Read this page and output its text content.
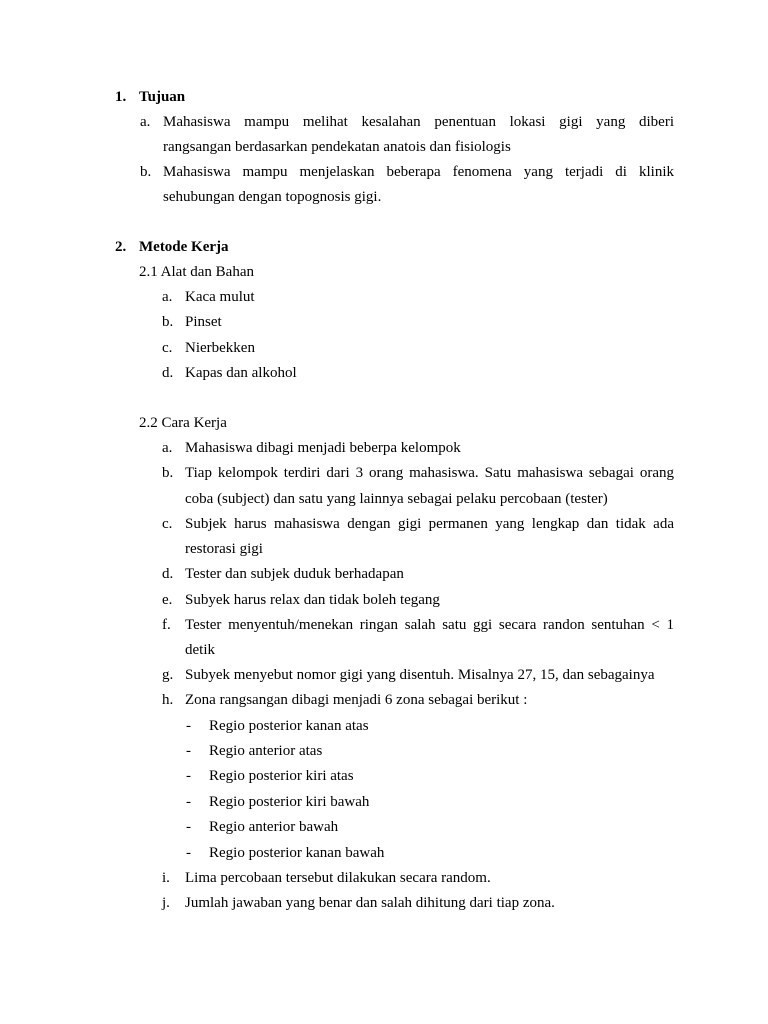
1. Tujuan
a. Mahasiswa mampu melihat kesalahan penentuan lokasi gigi yang diberi
rangsangan berdasarkan pendekatan anatois dan fisiologis
b. Mahasiswa mampu menjelaskan beberapa fenomena yang terjadi di klinik
sehubungan dengan topognosis gigi.
2. Metode Kerja
2.1 Alat dan Bahan
a. Kaca mulut
b. Pinset
c. Nierbekken
d. Kapas dan alkohol
2.2 Cara Kerja
a. Mahasiswa dibagi menjadi beberpa kelompok
b. Tiap kelompok terdiri dari 3 orang mahasiswa. Satu mahasiswa sebagai orang
coba (subject) dan satu yang lainnya sebagai pelaku percobaan (tester)
c. Subjek harus mahasiswa dengan gigi permanen yang lengkap dan tidak ada
restorasi gigi
d. Tester dan subjek duduk berhadapan
e. Subyek harus relax dan tidak boleh tegang
f. Tester menyentuh/menekan ringan salah satu ggi secara randon sentuhan < 1
detik
g. Subyek menyebut nomor gigi yang disentuh. Misalnya 27, 15, dan sebagainya
h. Zona rangsangan dibagi menjadi 6 zona sebagai berikut :
- Regio posterior kanan atas
- Regio anterior atas
- Regio posterior kiri atas
- Regio posterior kiri bawah
- Regio anterior bawah
- Regio posterior kanan bawah
i. Lima percobaan tersebut dilakukan secara random.
j. Jumlah jawaban yang benar dan salah dihitung dari tiap zona.
